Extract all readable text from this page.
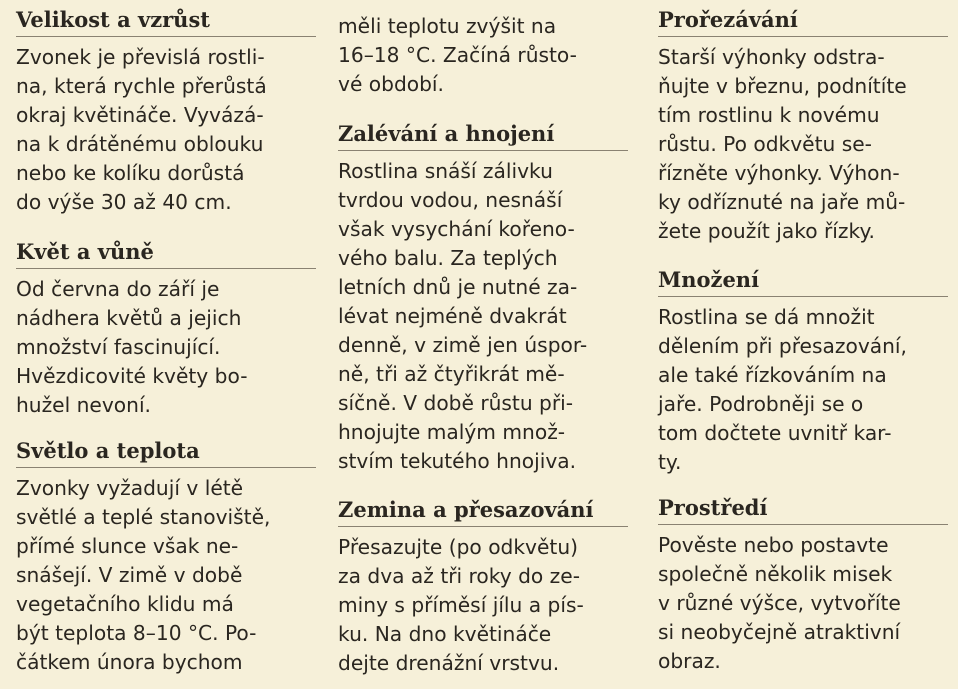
Velikost a vzrůst

Zvonek je převislá rostli-
na, která rychle přerůstá
okraj květináče. Vyvázá-
na k drátěnému oblouku
nebo ke kolíku dorůstá
do výše 30 až 40 cm.

Květ a vůně

Od června do září je
nádhera květů a jejich
množství fascinující.
Hvězdicovité květy bo-
hužel nevoní.

Světlo a teplota

Zvonky vyžadují v létě
světlé a teplé stanoviště,
přímé slunce však ne-
snášejí. V zimě v době
vegetačního klidu má
být teplota 8–10 °C. Po-
čátkem února bychom

měli teplotu zvýšit na
16–18 °C. Začíná růsto-
vé období.

Zalévání a hnojení

Rostlina snáší zálivku
tvrdou vodou, nesnáší
však vysychání kořeno-
vého balu. Za teplých
letních dnů je nutné za-
lévat nejméně dvakrát
denně, v zimě jen úspor-
ně, tři až čtyřikrát mě-
síčně. V době růstu při-
hnojujte malým množ-
stvím tekutého hnojiva.

Zemina a přesazování

Přesazujte (po odkvětu)
za dva až tři roky do ze-
miny s příměsí jílu a pís-
ku. Na dno květináče
dejte drenážní vrstvu.

Prořezávání

Starší výhonky odstra-
ňujte v březnu, podnítíte
tím rostlinu k novému
růstu. Po odkvětu se-
řízněte výhonky. Výhon-
ky odříznuté na jaře mů-
žete použít jako řízky.

Množení

Rostlina se dá množit
dělením při přesazování,
ale také řízkováním na
jaře. Podrobněji se o
tom dočtete uvnitř kar-
ty.

Prostředí

Pověste nebo postavte
společně několik misek
v různé výšce, vytvoříte
si neobyčejně atraktivní
obraz.
